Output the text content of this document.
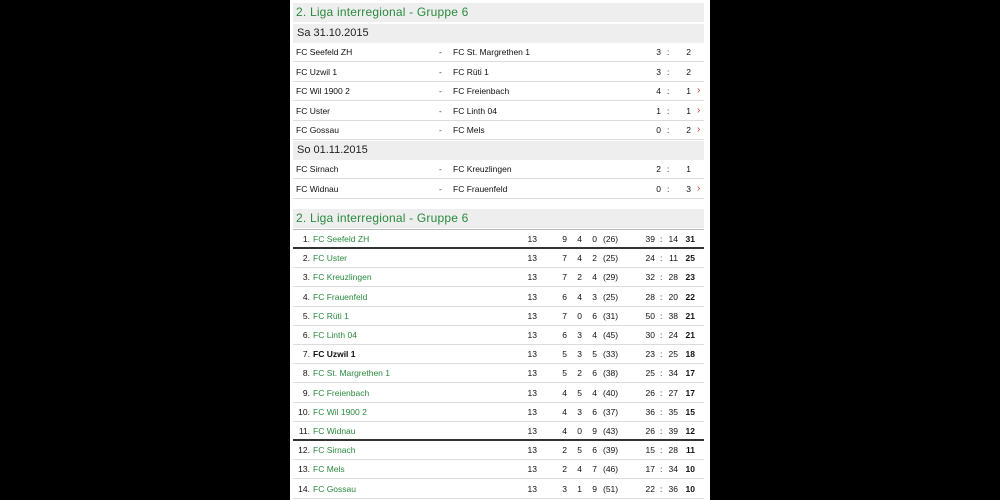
2. Liga interregional - Gruppe 6
Sa 31.10.2015
FC Seefeld ZH	- FC St. Margrethen 1	3 :	2
FC Uzwil 1	- FC Rüti 1	3 :	2
FC Wil 1900 2	- FC Freienbach	4 :	1 ›
FC Uster	- FC Linth 04	1 :	1 ›
FC Gossau	- FC Mels	0 :	2 ›
So 01.11.2015
FC Sirnach	- FC Kreuzlingen	2 :	1
FC Widnau	- FC Frauenfeld	0 :	3 ›
2. Liga interregional - Gruppe 6
1. FC Seefeld ZH	13	9	4	0 (26)	39 : 14 31
2. FC Uster	13	7	4	2 (25)	24 : 11 25
3. FC Kreuzlingen	13	7	2	4 (29)	32 : 28 23
4. FC Frauenfeld	13	6	4	3 (25)	28 : 20 22
5. FC Rüti 1	13	7	0	6 (31)	50 : 38 21
6. FC Linth 04	13	6	3	4 (45)	30 : 24 21
7. FC Uzwil 1	13	5	3	5 (33)	23 : 25 18
8. FC St. Margrethen 1	13	5	2	6 (38)	25 : 34 17
9. FC Freienbach	13	4	5	4 (40)	26 : 27 17
10. FC Wil 1900 2	13	4	3	6 (37)	36 : 35 15
11. FC Widnau	13	4	0	9 (43)	26 : 39 12
12. FC Sirnach	13	2	5	6 (39)	15 : 28 11
13. FC Mels	13	2	4	7 (46)	17 : 34 10
14. FC Gossau	13	3	1	9 (51)	22 : 36 10
